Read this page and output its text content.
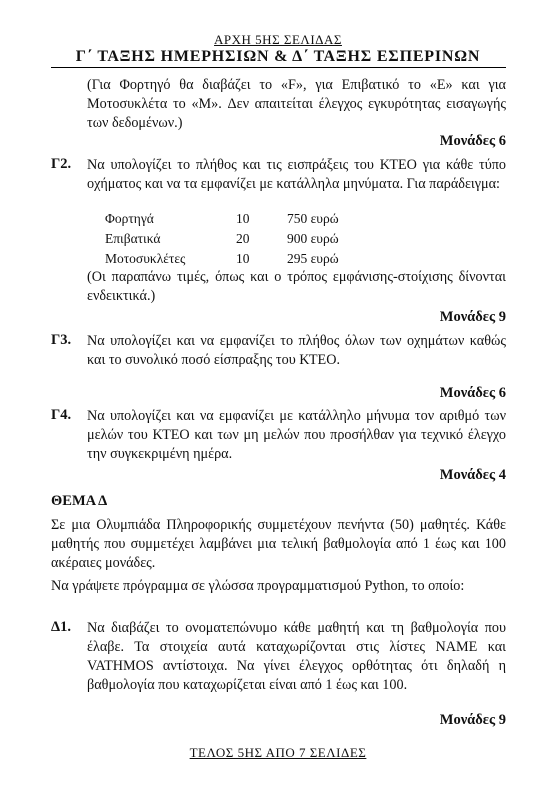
ΑΡΧΗ 5ΗΣ ΣΕΛΙΔΑΣ
Γ΄ ΤΑΞΗΣ ΗΜΕΡΗΣΙΩΝ & Δ΄ ΤΑΞΗΣ ΕΣΠΕΡΙΝΩΝ
(Για Φορτηγό θα διαβάζει το «F», για Επιβατικό το «E» και για Μοτοσυκλέτα το «M». Δεν απαιτείται έλεγχος εγκυρότητας εισαγωγής των δεδομένων.)
Μονάδες 6
Γ2. Να υπολογίζει το πλήθος και τις εισπράξεις του ΚΤΕΟ για κάθε τύπο οχήματος και να τα εμφανίζει με κατάλληλα μηνύματα. Για παράδειγμα:
Φορτηγά	10	750 ευρώ
Επιβατικά	20	900 ευρώ
Μοτοσυκλέτες	10	295 ευρώ
(Οι παραπάνω τιμές, όπως και ο τρόπος εμφάνισης-στοίχισης δίνονται ενδεικτικά.)
Μονάδες 9
Γ3. Να υπολογίζει και να εμφανίζει το πλήθος όλων των οχημάτων καθώς και το συνολικό ποσό είσπραξης του ΚΤΕΟ.
Μονάδες 6
Γ4. Να υπολογίζει και να εμφανίζει με κατάλληλο μήνυμα τον αριθμό των μελών του ΚΤΕΟ και των μη μελών που προσήλθαν για τεχνικό έλεγχο την συγκεκριμένη ημέρα.
Μονάδες 4
ΘΕΜΑ Δ
Σε μια Ολυμπιάδα Πληροφορικής συμμετέχουν πενήντα (50) μαθητές. Κάθε μαθητής που συμμετέχει λαμβάνει μια τελική βαθμολογία από 1 έως και 100 ακέραιες μονάδες.
Να γράψετε πρόγραμμα σε γλώσσα προγραμματισμού Python, το οποίο:
Δ1. Να διαβάζει το ονοματεπώνυμο κάθε μαθητή και τη βαθμολογία που έλαβε. Τα στοιχεία αυτά καταχωρίζονται στις λίστες NAME και VATHMOS αντίστοιχα. Να γίνει έλεγχος ορθότητας ότι δηλαδή η βαθμολογία που καταχωρίζεται είναι από 1 έως και 100.
Μονάδες 9
ΤΕΛΟΣ 5ΗΣ ΑΠΟ 7 ΣΕΛΙΔΕΣ
